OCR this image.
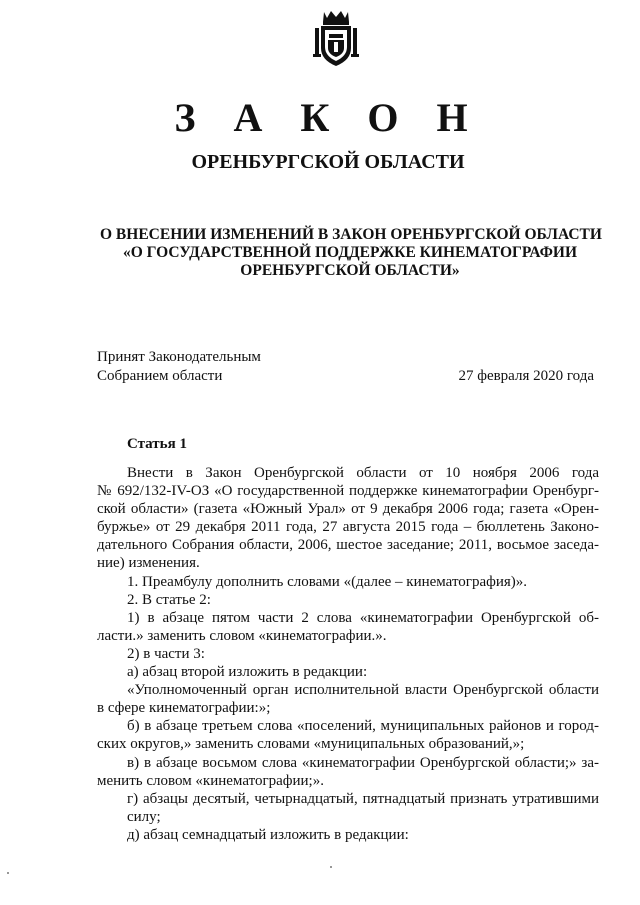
З А К О Н
ОРЕНБУРГСКОЙ ОБЛАСТИ
О ВНЕСЕНИИ ИЗМЕНЕНИЙ В ЗАКОН ОРЕНБУРГСКОЙ ОБЛАСТИ
«О ГОСУДАРСТВЕННОЙ ПОДДЕРЖКЕ КИНЕМАТОГРАФИИ
ОРЕНБУРГСКОЙ ОБЛАСТИ»
Принят Законодательным
Собранием области	27 февраля 2020 года
Статья 1
Внести в Закон Оренбургской области от 10 ноября 2006 года
№ 692/132-IV-ОЗ «О государственной поддержке кинематографии Оренбург-
ской области» (газета «Южный Урал» от 9 декабря 2006 года; газета «Орен-
буржье» от 29 декабря 2011 года, 27 августа 2015 года – бюллетень Законо-
дательного Собрания области, 2006, шестое заседание; 2011, восьмое заседа-
ние) изменения.
1. Преамбулу дополнить словами «(далее – кинематография)».
2. В статье 2:
1) в абзаце пятом части 2 слова «кинематографии Оренбургской об-
ласти.» заменить словом «кинематографии.».
2) в части 3:
а) абзац второй изложить в редакции:
«Уполномоченный орган исполнительной власти Оренбургской области
в сфере кинематографии:»;
б) в абзаце третьем слова «поселений, муниципальных районов и город-
ских округов,» заменить словами «муниципальных образований,»;
в) в абзаце восьмом слова «кинематографии Оренбургской области;» за-
менить словом «кинематографии;».
г) абзацы десятый, четырнадцатый, пятнадцатый признать утратившими
силу;
д) абзац семнадцатый изложить в редакции:
